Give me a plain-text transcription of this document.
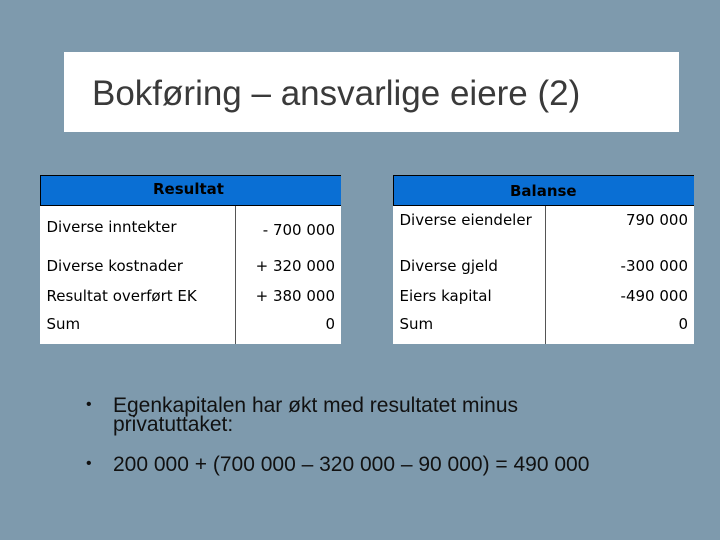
Bokføring – ansvarlige eiere (2)
Resultat	

Diverse inntekter	- 700 000
Diverse kostnader	+ 320 000
Resultat overført EK	+ 380 000
Sum	0
Balanse	

Diverse eiendeler	790 000
Diverse gjeld	-300 000
Eiers kapital	-490 000
Sum	0
• Egenkapitalen har økt med resultatet minus
privatuttaket:
• 200 000 + (700 000 – 320 000 – 90 000) = 490 000
